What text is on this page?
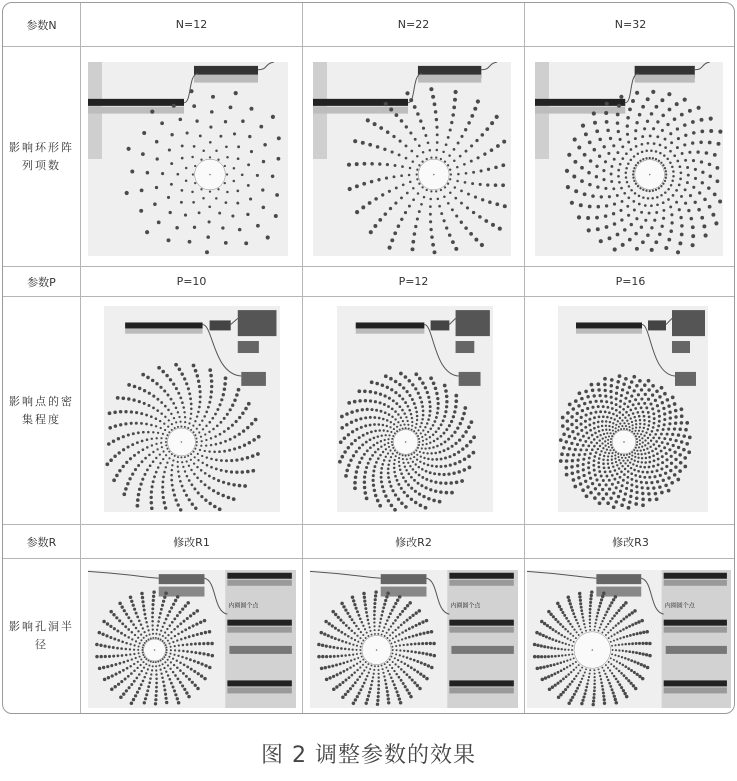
参数N	N=12	N=22	N=32
影响环形阵列项数
参数P	P=10	P=12	P=16
影响点的密集程度
参数R	修改R1	修改R2	修改R3
影响孔洞半径
内圈圆个点	内圈圆个点	内圈圆个点
图 2 调整参数的效果
